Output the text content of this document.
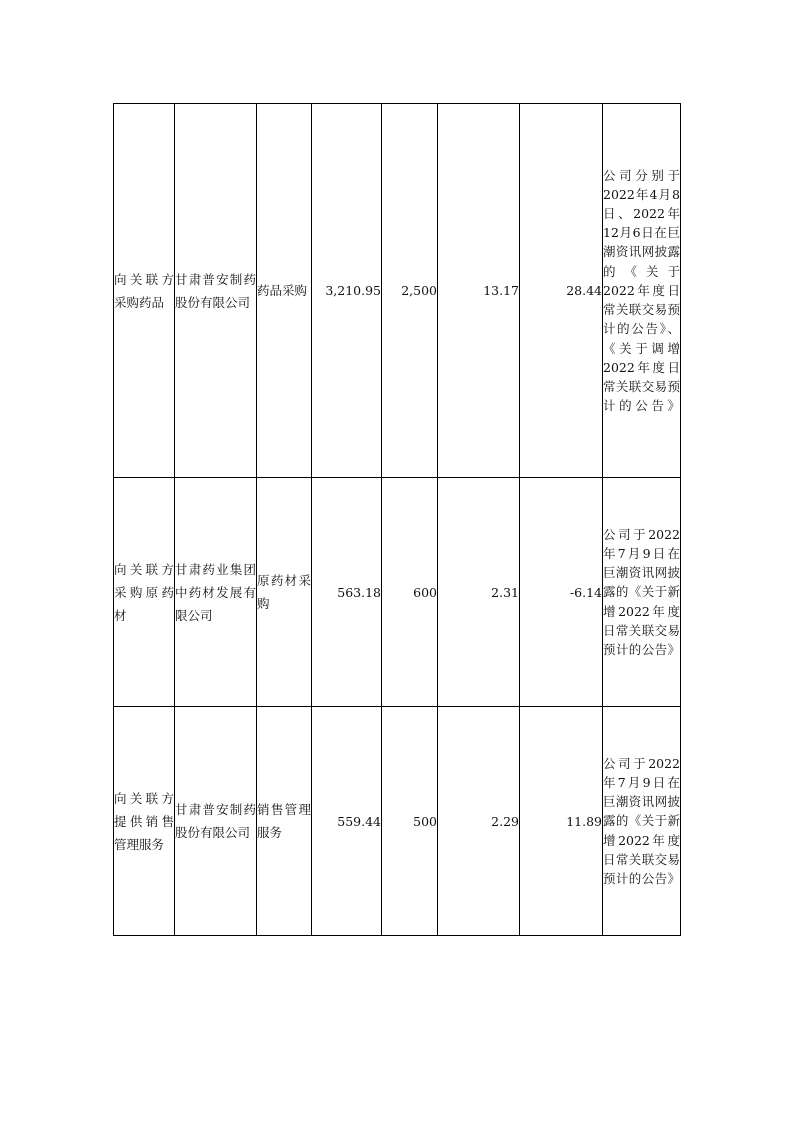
向关联方采购药品	甘肃普安制药股份有限公司	药品采购	3,210.95	2,500	13.17	28.44	公司分别于2022年4月8日、2022年12月6日在巨潮资讯网披露的《关于2022年度日常关联交易预计的公告》、《关于调增2022年度日常关联交易预计的公告》

向关联方采购原药材	甘肃药业集团中药材发展有限公司	原药材采购	563.18	600	2.31	-6.14	公司于2022年7月9日在巨潮资讯网披露的《关于新增2022年度日常关联交易预计的公告》

向关联方提供销售管理服务	甘肃普安制药股份有限公司	销售管理服务	559.44	500	2.29	11.89	公司于2022年7月9日在巨潮资讯网披露的《关于新增2022年度日常关联交易预计的公告》
